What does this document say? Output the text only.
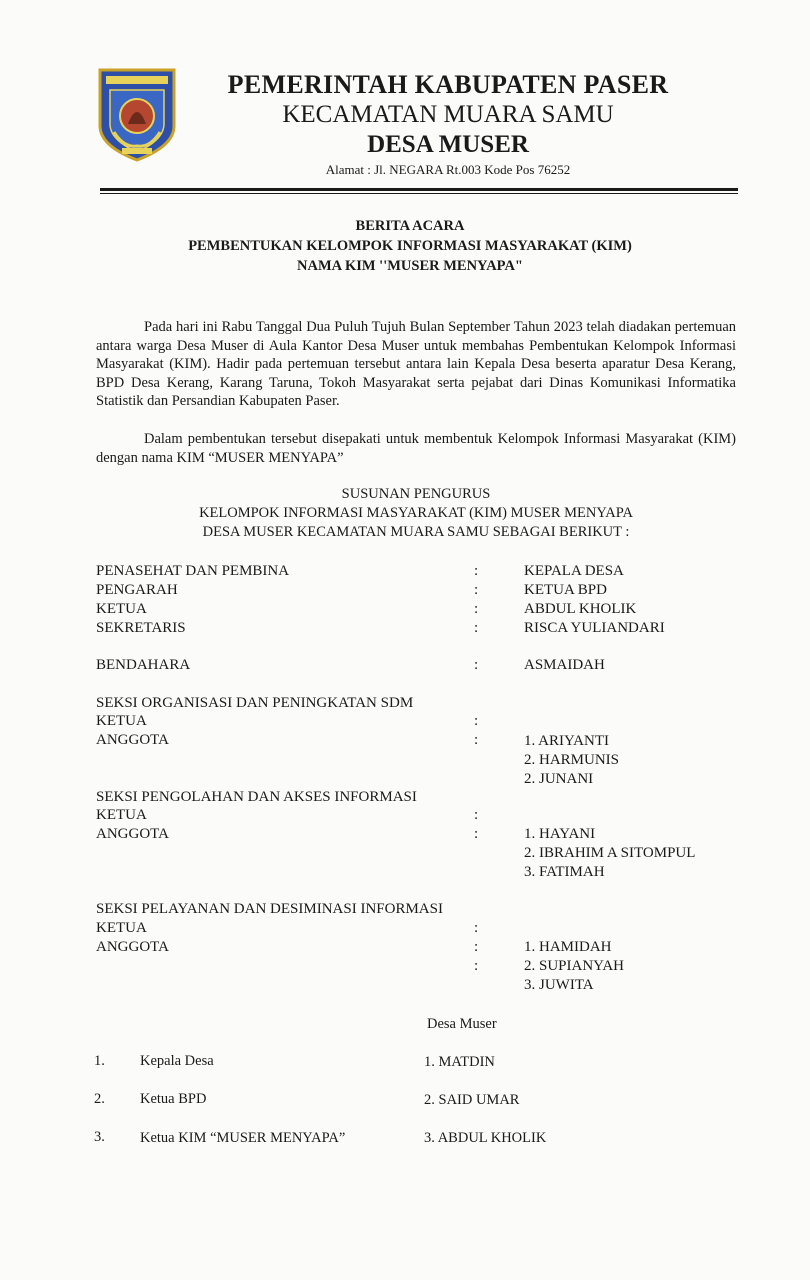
PEMERINTAH KABUPATEN PASER
KECAMATAN MUARA SAMU
DESA MUSER
Alamat : Jl. NEGARA Rt.003 Kode Pos 76252
BERITA ACARA
PEMBENTUKAN KELOMPOK INFORMASI MASYARAKAT (KIM)
NAMA KIM ''MUSER MENYAPA"

Pada hari ini Rabu Tanggal Dua Puluh Tujuh Bulan September Tahun 2023 telah diadakan pertemuan antara warga Desa Muser di Aula Kantor Desa Muser untuk membahas Pembentukan Kelompok Informasi Masyarakat (KIM). Hadir pada pertemuan tersebut antara lain Kepala Desa beserta aparatur Desa Kerang, BPD Desa Kerang, Karang Taruna, Tokoh Masyarakat serta pejabat dari Dinas Komunikasi Informatika Statistik dan Persandian Kabupaten Paser.

Dalam pembentukan tersebut disepakati untuk membentuk Kelompok Informasi Masyarakat (KIM) dengan nama KIM “MUSER MENYAPA”

SUSUNAN PENGURUS
KELOMPOK INFORMASI MASYARAKAT (KIM) MUSER MENYAPA
DESA MUSER KECAMATAN MUARA SAMU SEBAGAI BERIKUT :
PENASEHAT DAN PEMBINA	:	KEPALA DESA
PENGARAH	:	KETUA BPD
KETUA	:	ABDUL KHOLIK
SEKRETARIS	:	RISCA YULIANDARI
BENDAHARA	:	ASMAIDAH
SEKSI ORGANISASI DAN PENINGKATAN SDM
KETUA	:
ANGGOTA	:	1. ARIYANTI
2. HARMUNIS
2. JUNANI
SEKSI PENGOLAHAN DAN AKSES INFORMASI
KETUA	:
ANGGOTA	:	1. HAYANI
2. IBRAHIM A SITOMPUL
3. FATIMAH
SEKSI PELAYANAN DAN DESIMINASI INFORMASI
KETUA	:
ANGGOTA	:	1. HAMIDAH
:	2. SUPIANYAH
3. JUWITA
Desa Muser
1. Kepala Desa	1. MATDIN
2. Ketua BPD	2. SAID UMAR
3. Ketua KIM “MUSER MENYAPA”	3. ABDUL KHOLIK
